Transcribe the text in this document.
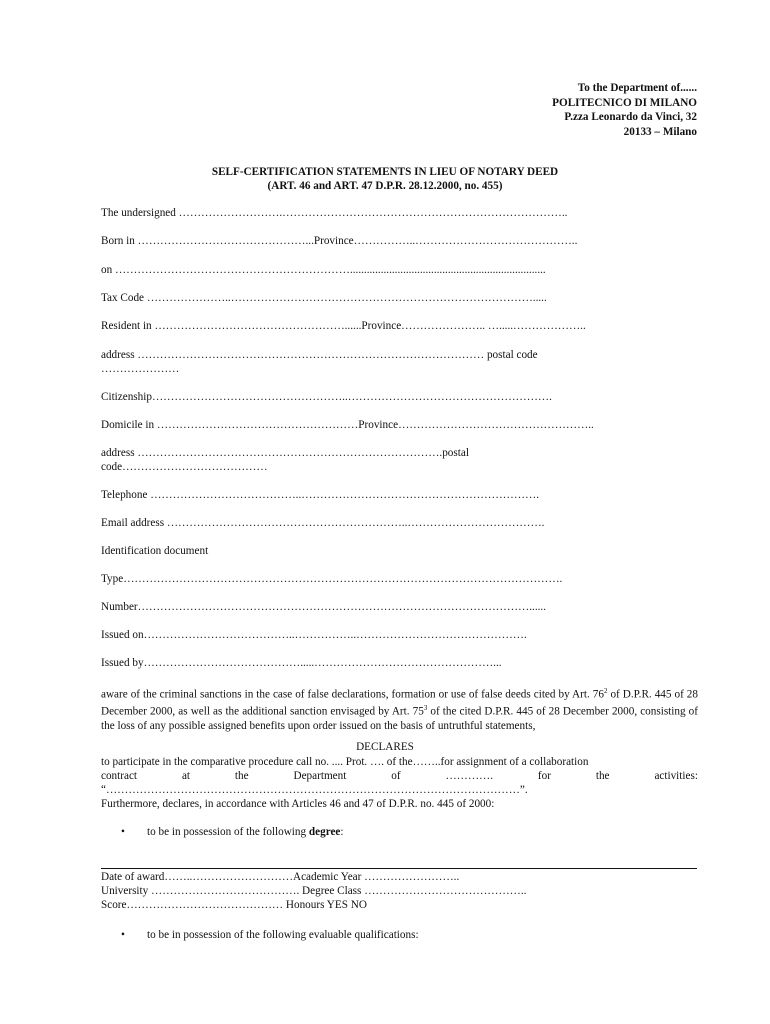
To the Department of......
POLITECNICO DI MILANO
P.zza Leonardo da Vinci, 32
20133 – Milano
SELF-CERTIFICATION STATEMENTS IN LIEU OF NOTARY DEED
(ART. 46 and ART. 47 D.P.R. 28.12.2000, no. 455)
The undersigned ……………………….…………………………………………………………………..
Born in ………………………………………...Province……………..……………………………………..
on ………………………………………………………......................................................................
Tax Code …………………..……………………………………………………………………….....
Resident in ……………………………………………......Province………………….. ….....………………..
address ………………………………………………………………………………… postal code
…………………
Citizenship……………………………………………..……………………………………………….
Domicile in ………………………………………………Province……………………………………………..
address ……………………………………………………………………….postal
code…………………………………
Telephone …………………………………..……………………………………………………….
Email address ………………………………………………………..……………………………….
Identification document
Type……………………………………………………………………………………………………….
Number……………………………………………………………………………………………......
Issued on…………………………………..……………..……………………………………….
Issued by…………………………………….....…………………………………………...
aware of the criminal sanctions in the case of false declarations, formation or use of false deeds cited by Art. $76^2$ of D.P.R. 445 of 28 December 2000, as well as the additional sanction envisaged by Art. $75^3$ of the cited D.P.R. 445 of 28 December 2000, consisting of the loss of any possible assigned benefits upon order issued on the basis of untruthful statements,
DECLARES
to participate in the comparative procedure call no. .... Prot. …. of the……..for assignment of a collaboration
contract	at	the	Department	of	………….	for	the	activities:
“…………………………………………………………………………………………………”.
Furthermore, declares, in accordance with Articles 46 and 47 of D.P.R. no. 445 of 2000:
• to be in possession of the following degree:
Date of award……..………………………Academic Year ……………………..
University …………………………………. Degree Class ……………………………………..
Score…………………………………… Honours YES NO
• to be in possession of the following evaluable qualifications:
